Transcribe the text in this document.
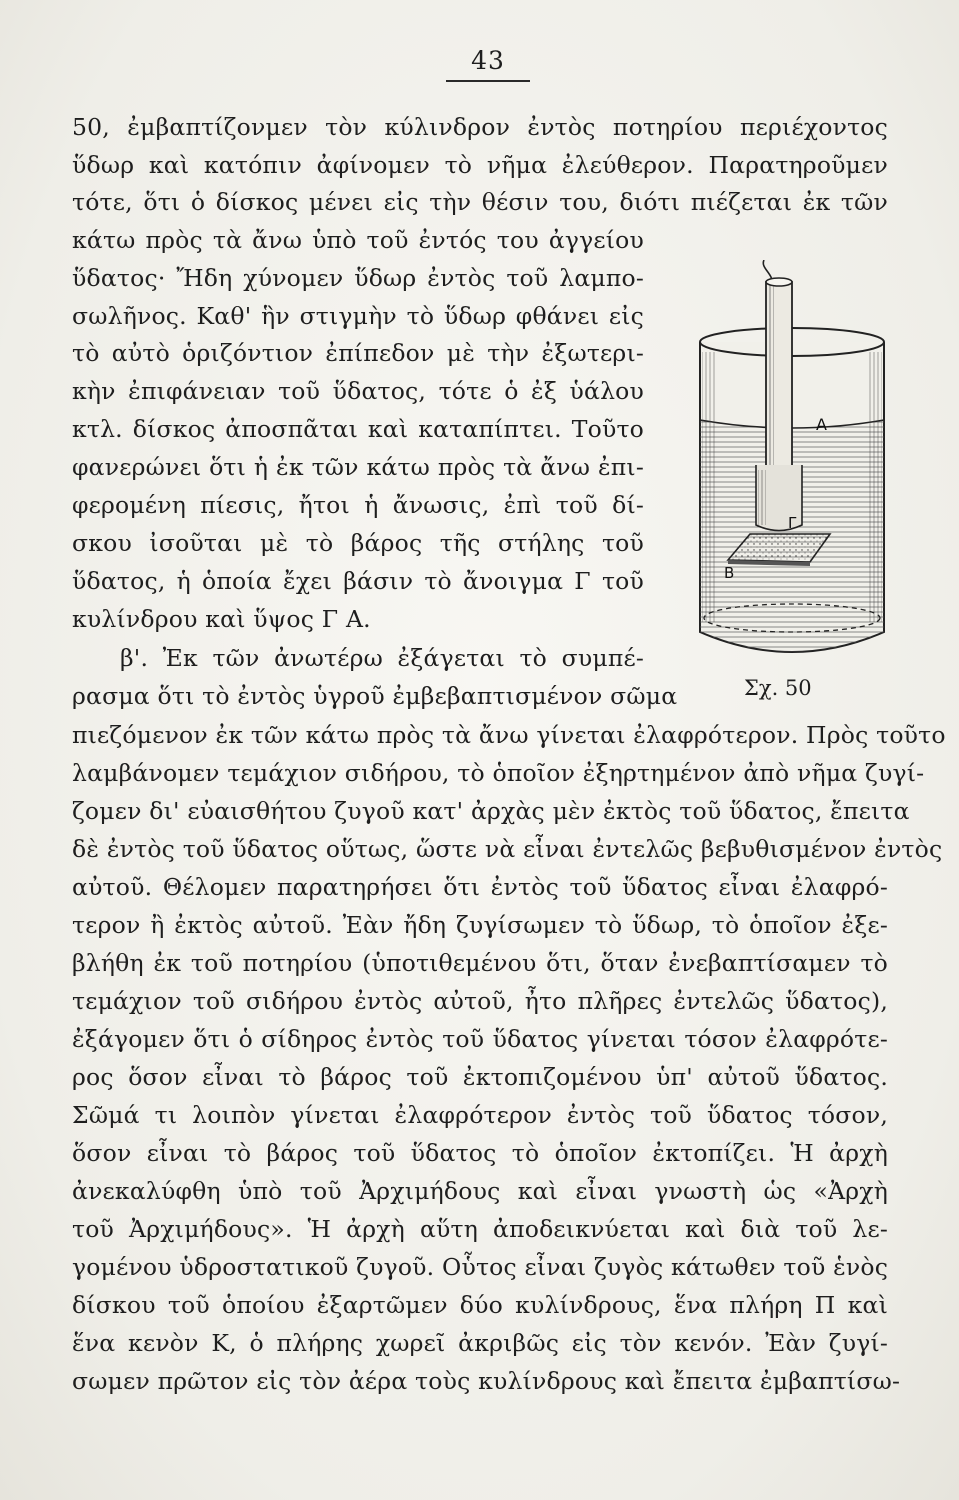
43
50, ἐμβαπτίζονμεν τὸν κύλινδρον ἐντὸς ποτηρίου περιέχοντος
ὕδωρ καὶ κατόπιν ἀφίνομεν τὸ νῆμα ἐλεύθερον. Παρατηροῦμεν
τότε, ὅτι ὁ δίσκος μένει εἰς τὴν θέσιν του, διότι πιέζεται ἐκ τῶν
κάτω πρὸς τὰ ἄνω ὑπὸ τοῦ ἐντός του ἀγγείου
ὕδατος· Ἤδη χύνομεν ὕδωρ ἐντὸς τοῦ λαμπο-
σωλῆνος. Καθ' ἣν στιγμὴν τὸ ὕδωρ φθάνει εἰς
τὸ αὐτὸ ὁριζόντιον ἐπίπεδον μὲ τὴν ἐξωτερι-
κὴν ἐπιφάνειαν τοῦ ὕδατος, τότε ὁ ἐξ ὑάλου
κτλ. δίσκος ἀποσπᾶται καὶ καταπίπτει. Τοῦτο
φανερώνει ὅτι ἡ ἐκ τῶν κάτω πρὸς τὰ ἄνω ἐπι-
φερομένη πίεσις, ἤτοι ἡ ἄνωσις, ἐπὶ τοῦ δί-
σκου ἰσοῦται μὲ τὸ βάρος τῆς στήλης τοῦ
ὕδατος, ἡ ὁποία ἔχει βάσιν τὸ ἄνοιγμα Γ τοῦ
κυλίνδρου καὶ ὕψος Γ Α.
β'. Ἐκ τῶν ἀνωτέρω ἐξάγεται τὸ συμπέ-
ρασμα ὅτι τὸ ἐντὸς ὑγροῦ ἐμβεβαπτισμένον σῶμα
πιεζόμενον ἐκ τῶν κάτω πρὸς τὰ ἄνω γίνεται ἐλαφρότερον. Πρὸς τοῦτο
λαμβάνομεν τεμάχιον σιδήρου, τὸ ὁποῖον ἐξηρτημένον ἀπὸ νῆμα ζυγί-
ζομεν δι' εὐαισθήτου ζυγοῦ κατ' ἀρχὰς μὲν ἐκτὸς τοῦ ὕδατος, ἔπειτα
δὲ ἐντὸς τοῦ ὕδατος οὕτως, ὥστε νὰ εἶναι ἐντελῶς βεβυθισμένον ἐντὸς
αὐτοῦ. Θέλομεν παρατηρήσει ὅτι ἐντὸς τοῦ ὕδατος εἶναι ἐλαφρό-
τερον ἢ ἐκτὸς αὐτοῦ. Ἐὰν ἤδη ζυγίσωμεν τὸ ὕδωρ, τὸ ὁποῖον ἐξε-
βλήθη ἐκ τοῦ ποτηρίου (ὑποτιθεμένου ὅτι, ὅταν ἐνεβαπτίσαμεν τὸ
τεμάχιον τοῦ σιδήρου ἐντὸς αὐτοῦ, ἦτο πλῆρες ἐντελῶς ὕδατος),
ἐξάγομεν ὅτι ὁ σίδηρος ἐντὸς τοῦ ὕδατος γίνεται τόσον ἐλαφρότε-
ρος ὅσον εἶναι τὸ βάρος τοῦ ἐκτοπιζομένου ὑπ' αὐτοῦ ὕδατος.
Σῶμά τι λοιπὸν γίνεται ἐλαφρότερον ἐντὸς τοῦ ὕδατος τόσον,
ὅσον εἶναι τὸ βάρος τοῦ ὕδατος τὸ ὁποῖον ἐκτοπίζει. Ἡ ἀρχὴ
ἀνεκαλύφθη ὑπὸ τοῦ Ἀρχιμήδους καὶ εἶναι γνωστὴ ὡς «Ἀρχὴ
τοῦ Ἀρχιμήδους». Ἡ ἀρχὴ αὕτη ἀποδεικνύεται καὶ διὰ τοῦ λε-
γομένου ὑδροστατικοῦ ζυγοῦ. Οὗτος εἶναι ζυγὸς κάτωθεν τοῦ ἑνὸς
δίσκου τοῦ ὁποίου ἐξαρτῶμεν δύο κυλίνδρους, ἕνα πλήρη Π καὶ
ἕνα κενὸν Κ, ὁ πλήρης χωρεῖ ἀκριβῶς εἰς τὸν κενόν. Ἐὰν ζυγί-
σωμεν πρῶτον εἰς τὸν ἀέρα τοὺς κυλίνδρους καὶ ἔπειτα ἐμβαπτίσω-
Α
Γ
Β
Σχ. 50
